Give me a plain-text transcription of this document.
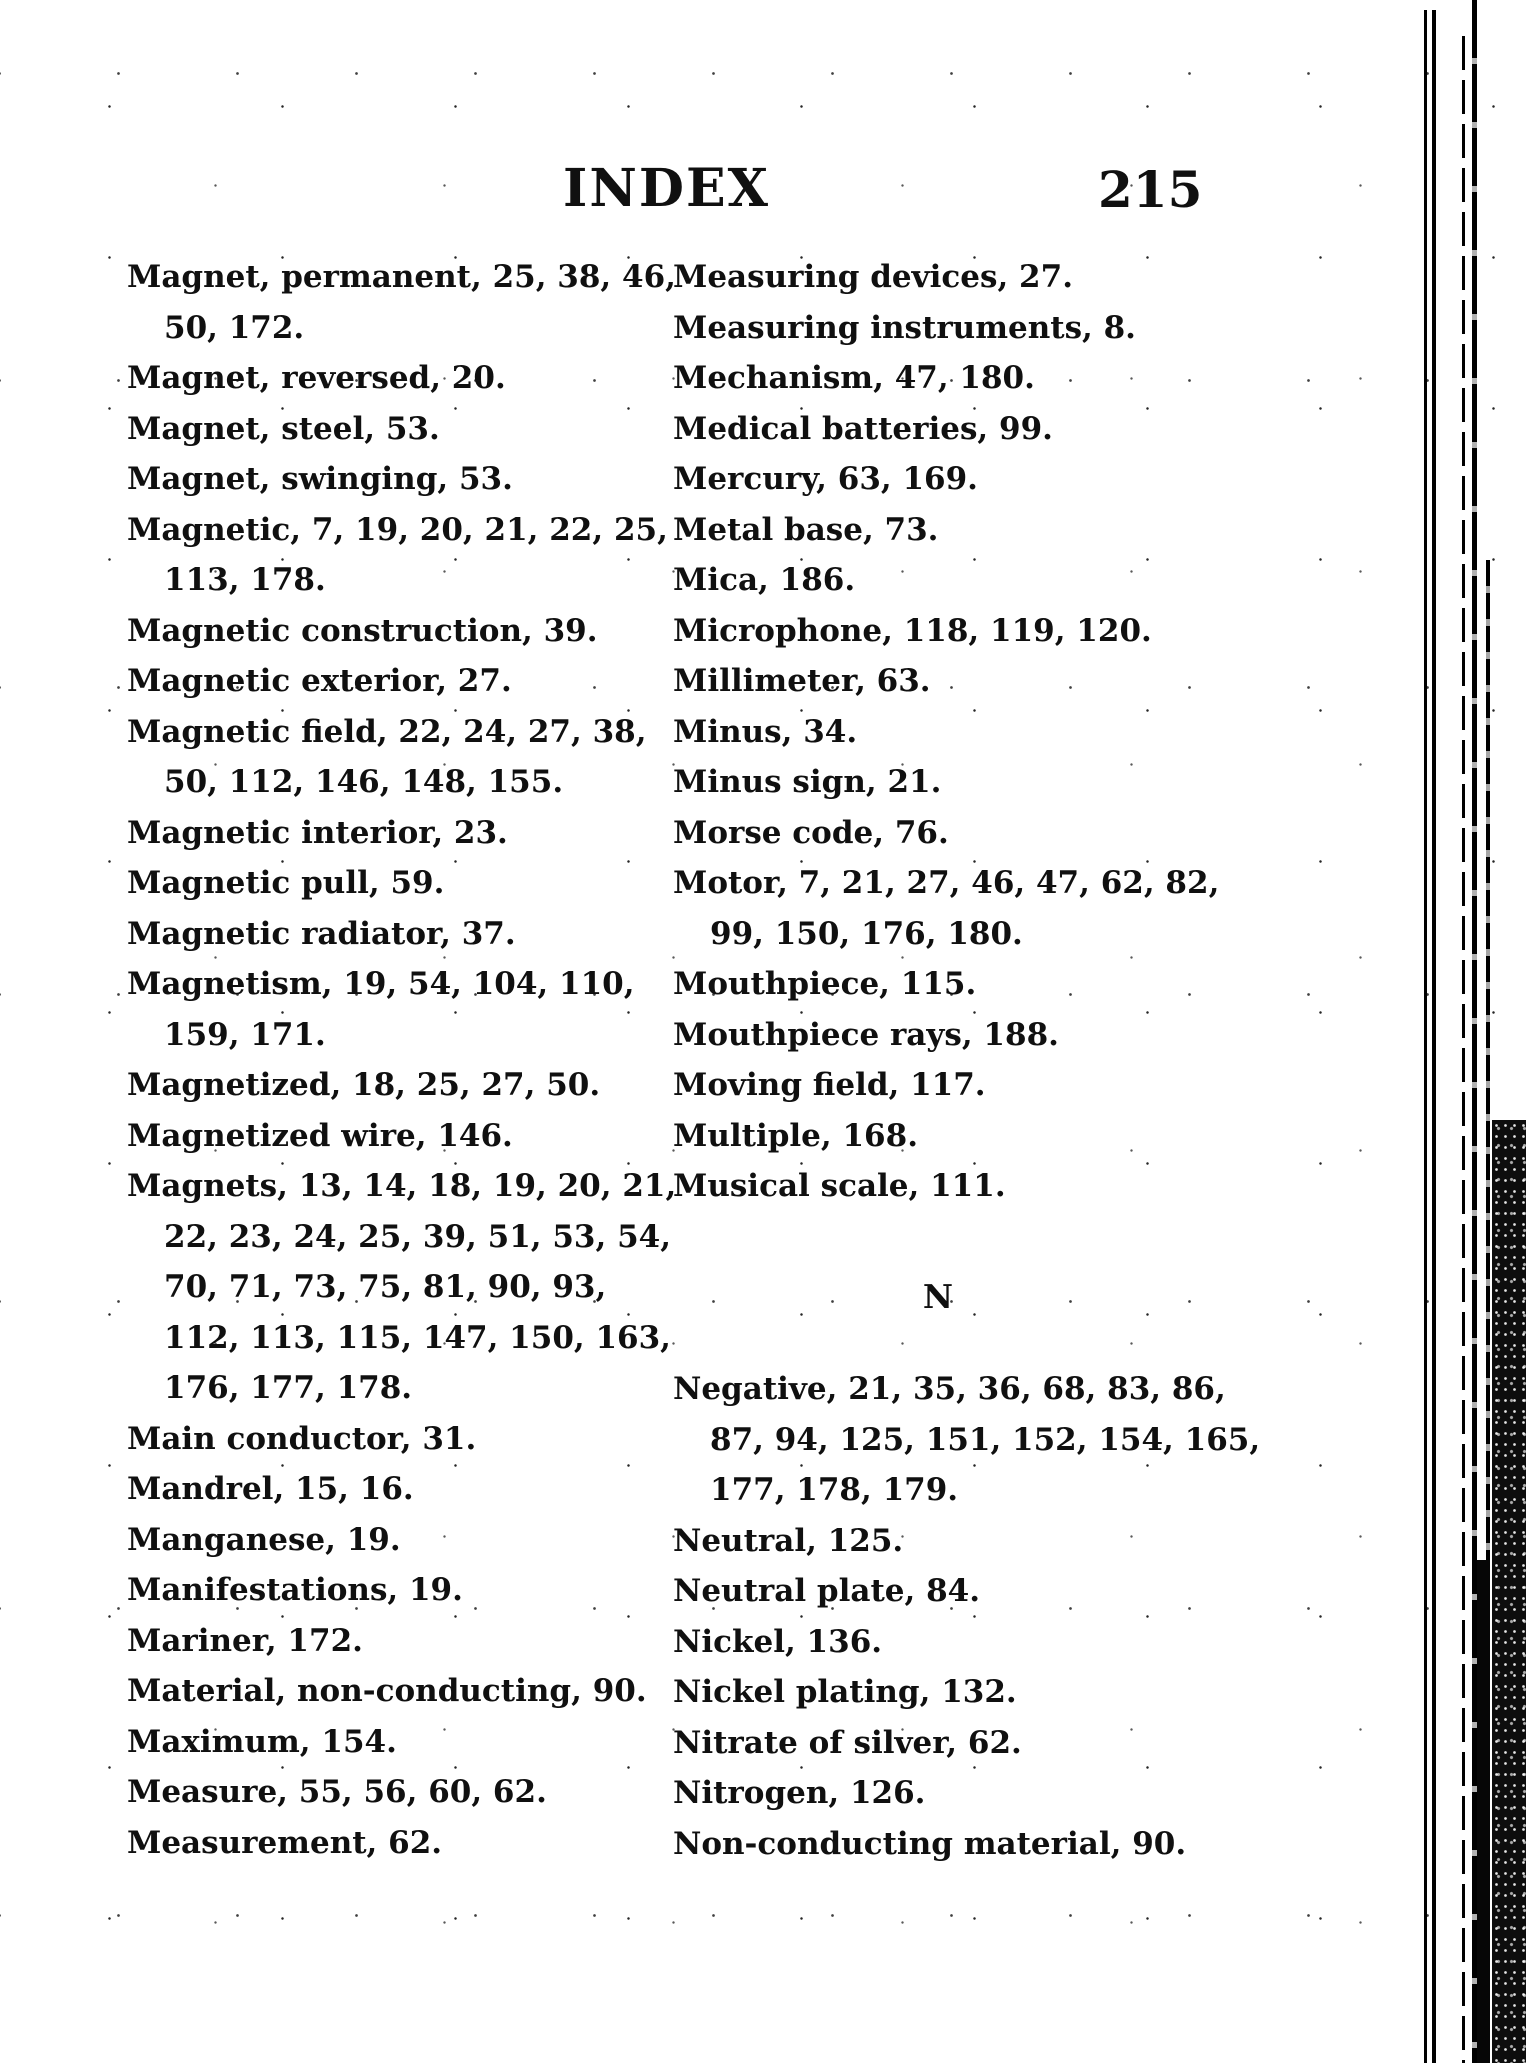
INDEX	215
Magnet, permanent, 25, 38, 46,
50, 172.
Magnet, reversed, 20.
Magnet, steel, 53.
Magnet, swinging, 53.
Magnetic, 7, 19, 20, 21, 22, 25,
113, 178.
Magnetic construction, 39.
Magnetic exterior, 27.
Magnetic field, 22, 24, 27, 38,
50, 112, 146, 148, 155.
Magnetic interior, 23.
Magnetic pull, 59.
Magnetic radiator, 37.
Magnetism, 19, 54, 104, 110,
159, 171.
Magnetized, 18, 25, 27, 50.
Magnetized wire, 146.
Magnets, 13, 14, 18, 19, 20, 21,
22, 23, 24, 25, 39, 51, 53, 54,
70, 71, 73, 75, 81, 90, 93,
112, 113, 115, 147, 150, 163,
176, 177, 178.
Main conductor, 31.
Mandrel, 15, 16.
Manganese, 19.
Manifestations, 19.
Mariner, 172.
Material, non-conducting, 90.
Maximum, 154.
Measure, 55, 56, 60, 62.
Measurement, 62.
Measuring devices, 27.
Measuring instruments, 8.
Mechanism, 47, 180.
Medical batteries, 99.
Mercury, 63, 169.
Metal base, 73.
Mica, 186.
Microphone, 118, 119, 120.
Millimeter, 63.
Minus, 34.
Minus sign, 21.
Morse code, 76.
Motor, 7, 21, 27, 46, 47, 62, 82,
99, 150, 176, 180.
Mouthpiece, 115.
Mouthpiece rays, 188.
Moving field, 117.
Multiple, 168.
Musical scale, 111.
N
Negative, 21, 35, 36, 68, 83, 86,
87, 94, 125, 151, 152, 154, 165,
177, 178, 179.
Neutral, 125.
Neutral plate, 84.
Nickel, 136.
Nickel plating, 132.
Nitrate of silver, 62.
Nitrogen, 126.
Non-conducting material, 90.
